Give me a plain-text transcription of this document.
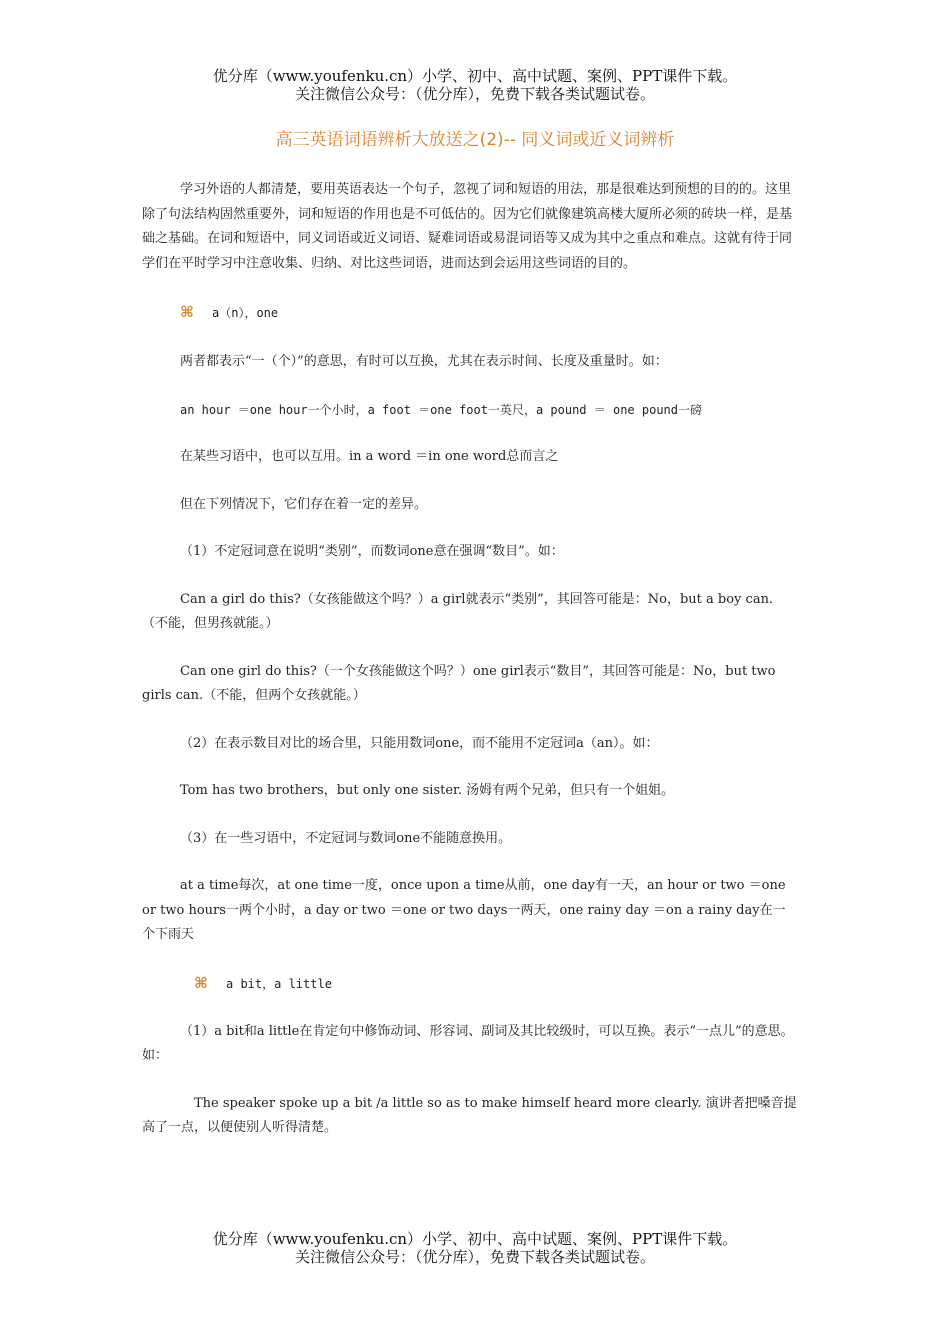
优分库（www.youfenku.cn）小学、初中、高中试题、案例、PPT课件下载。
关注微信公众号：（优分库），免费下载各类试题试卷。
高三英语词语辨析大放送之(2)-- 同义词或近义词辨析

学习外语的人都清楚，要用英语表达一个句子，忽视了词和短语的用法，那是很难达到预想的目的的。这里除了句法结构固然重要外，词和短语的作用也是不可低估的。因为它们就像建筑高楼大厦所必须的砖块一样，是基础之基础。在词和短语中，同义词语或近义词语、疑难词语或易混词语等又成为其中之重点和难点。这就有待于同学们在平时学习中注意收集、归纳、对比这些词语，进而达到会运用这些词语的目的。

⌘ a（n），one

两者都表示“一（个）”的意思，有时可以互换，尤其在表示时间、长度及重量时。如：

an hour ＝one hour一个小时，a foot ＝one foot一英尺，a pound ＝ one pound一磅

在某些习语中，也可以互用。in a word ＝in one word总而言之

但在下列情况下，它们存在着一定的差异。

（1）不定冠词意在说明“类别”，而数词one意在强调“数目”。如：

Can a girl do this?（女孩能做这个吗？）a girl就表示“类别”，其回答可能是：No，but a boy can.（不能，但男孩就能。）

Can one girl do this?（一个女孩能做这个吗？）one girl表示“数目”，其回答可能是：No，but two girls can.（不能，但两个女孩就能。）

（2）在表示数目对比的场合里，只能用数词one，而不能用不定冠词a（an）。如：

Tom has two brothers，but only one sister. 汤姆有两个兄弟，但只有一个姐姐。

（3）在一些习语中，不定冠词与数词one不能随意换用。

at a time每次，at one time一度，once upon a time从前，one day有一天，an hour or two ＝one or two hours一两个小时，a day or two ＝one or two days一两天，one rainy day ＝on a rainy day在一个下雨天

⌘ a bit，a little

（1）a bit和a little在肯定句中修饰动词、形容词、副词及其比较级时，可以互换。表示“一点儿”的意思。如：

The speaker spoke up a bit /a little so as to make himself heard more clearly. 演讲者把嗓音提高了一点，以便使别人听得清楚。

优分库（www.youfenku.cn）小学、初中、高中试题、案例、PPT课件下载。
关注微信公众号：（优分库），免费下载各类试题试卷。
